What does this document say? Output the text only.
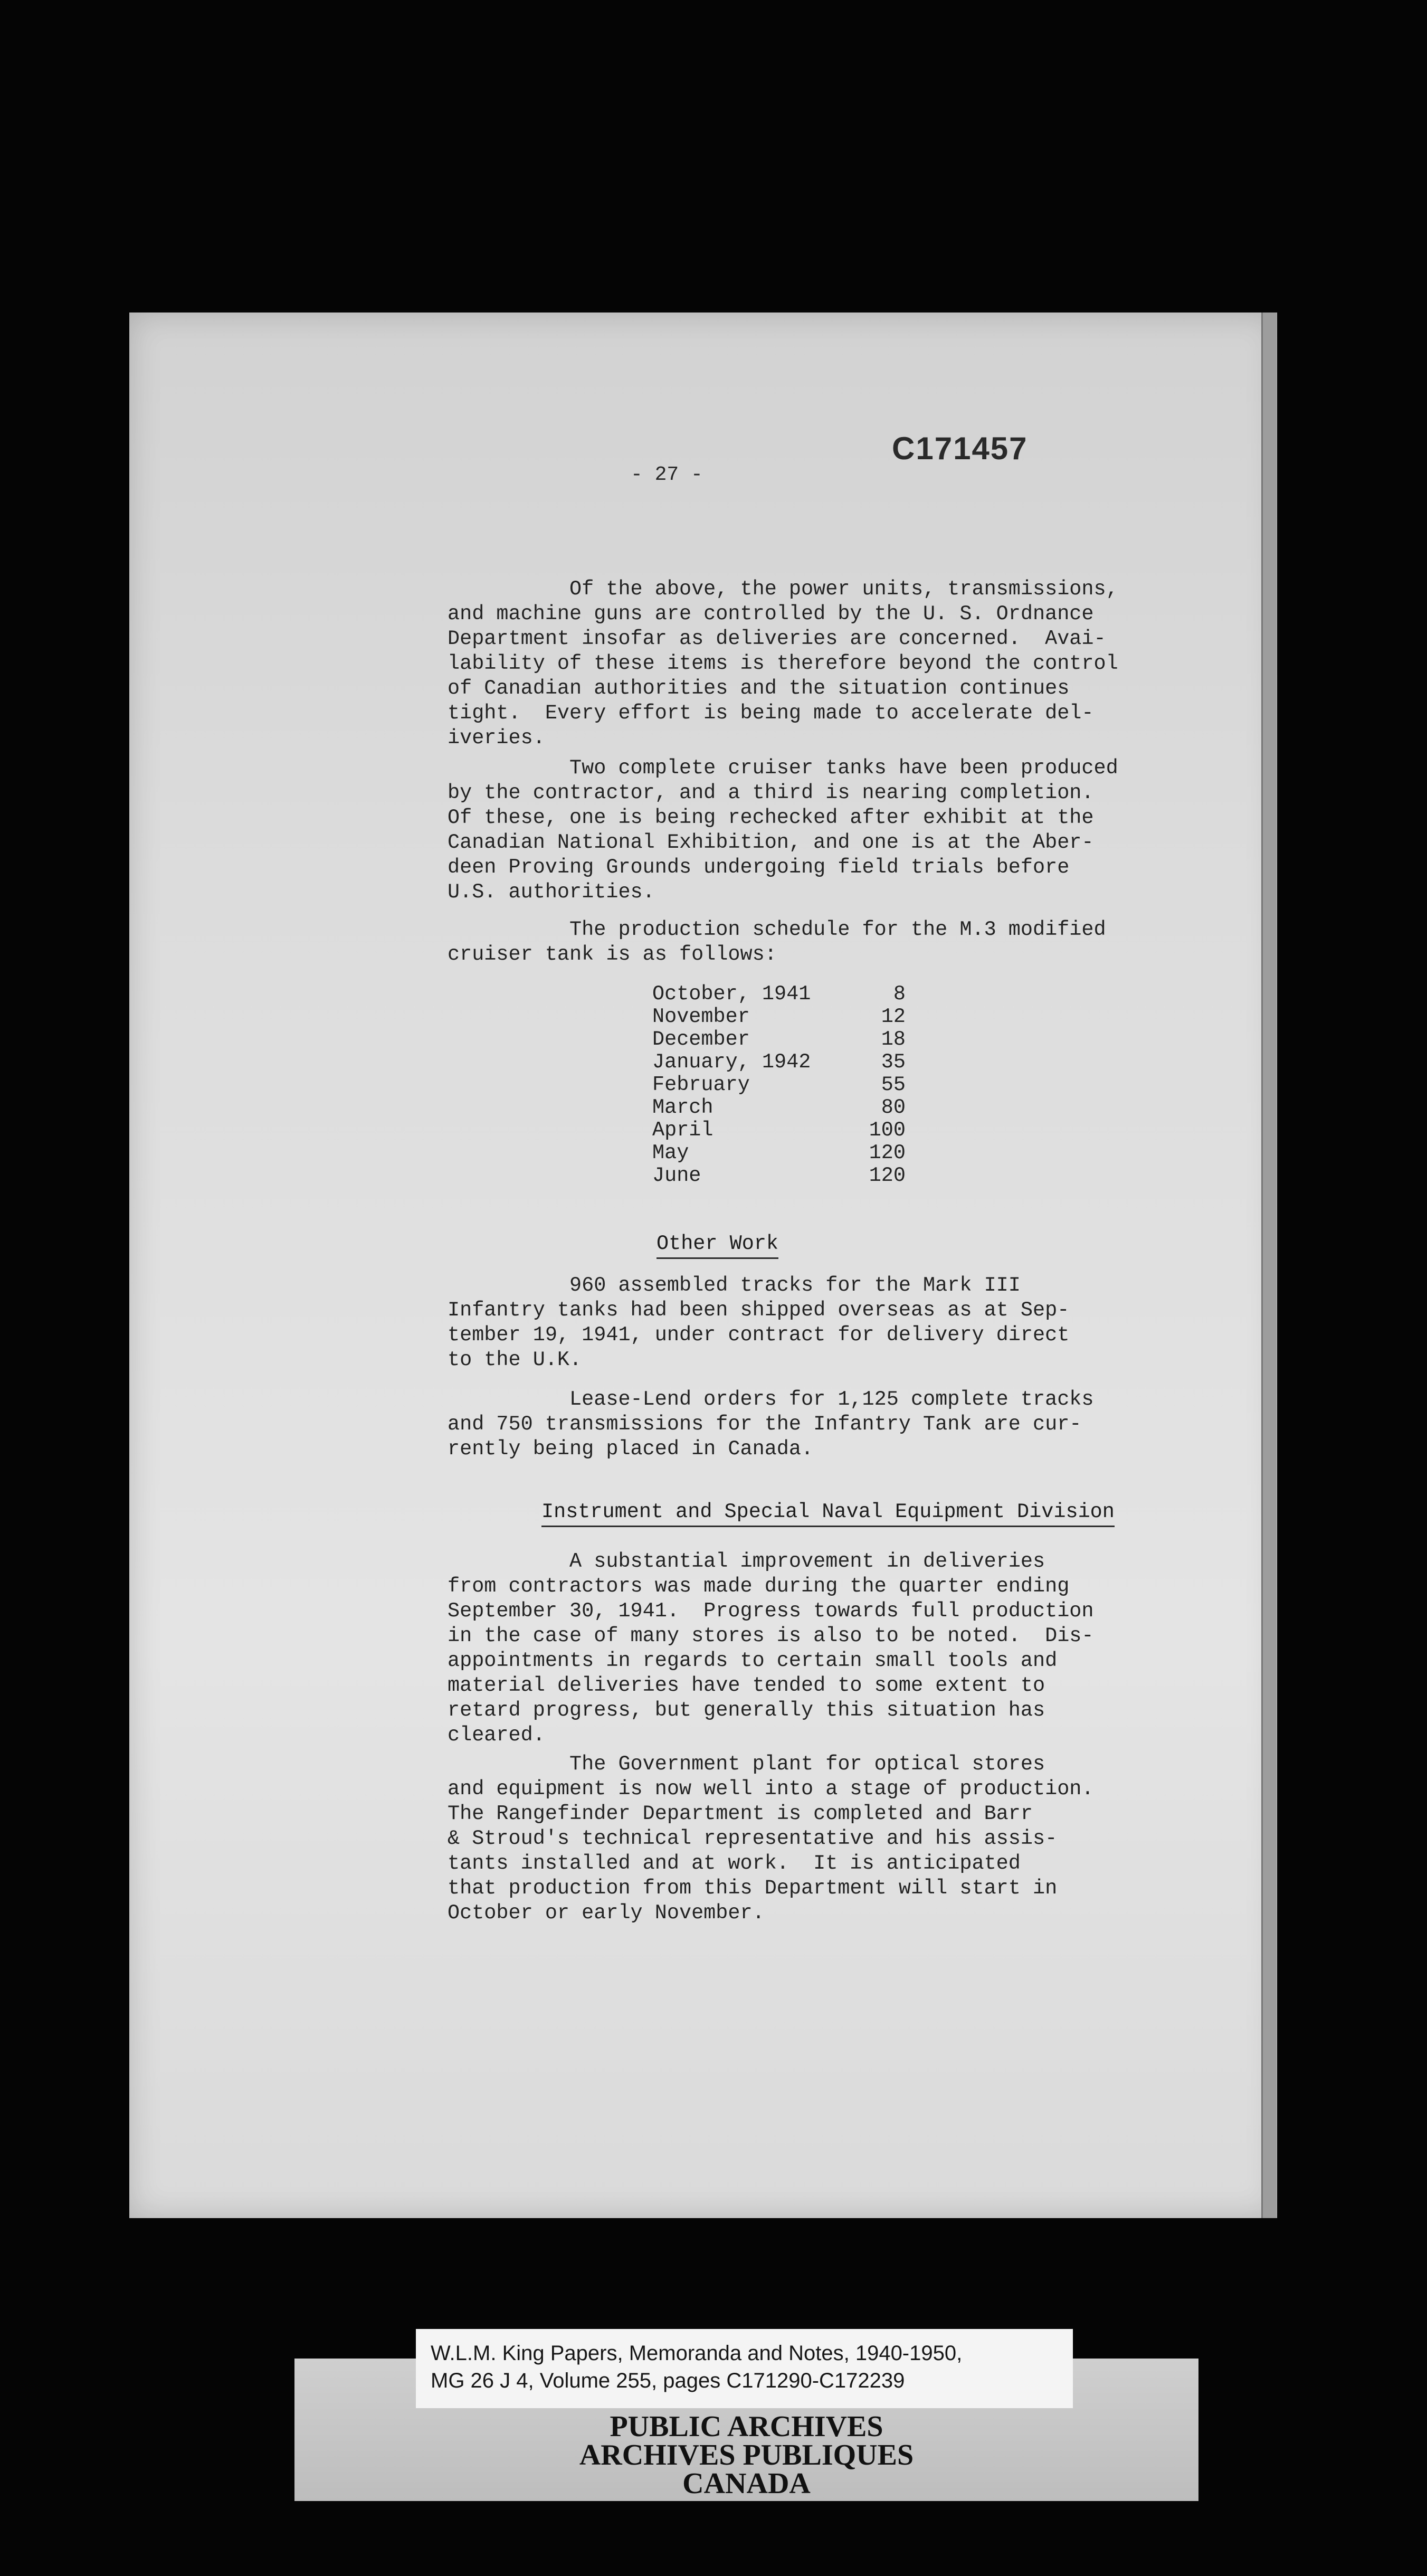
C171457
- 27 -
Of the above, the power units, transmissions,
and machine guns are controlled by the U. S. Ordnance
Department insofar as deliveries are concerned.  Avai-
lability of these items is therefore beyond the control
of Canadian authorities and the situation continues
tight.  Every effort is being made to accelerate del-
iveries.
Two complete cruiser tanks have been produced
by the contractor, and a third is nearing completion.
Of these, one is being rechecked after exhibit at the
Canadian National Exhibition, and one is at the Aber-
deen Proving Grounds undergoing field trials before
U.S. authorities.
The production schedule for the M.3 modified
cruiser tank is as follows:
October, 1941	8
November	12
December	18
January, 1942	35
February	55
March	80
April	100
May	120
June	120
Other Work
960 assembled tracks for the Mark III
Infantry tanks had been shipped overseas as at Sep-
tember 19, 1941, under contract for delivery direct
to the U.K.
Lease-Lend orders for 1,125 complete tracks
and 750 transmissions for the Infantry Tank are cur-
rently being placed in Canada.
Instrument and Special Naval Equipment Division
A substantial improvement in deliveries
from contractors was made during the quarter ending
September 30, 1941.  Progress towards full production
in the case of many stores is also to be noted.  Dis-
appointments in regards to certain small tools and
material deliveries have tended to some extent to
retard progress, but generally this situation has
cleared.
The Government plant for optical stores
and equipment is now well into a stage of production.
The Rangefinder Department is completed and Barr
& Stroud's technical representative and his assis-
tants installed and at work.  It is anticipated
that production from this Department will start in
October or early November.
W.L.M. King Papers, Memoranda and Notes, 1940-1950,
MG 26 J 4, Volume 255, pages C171290-C172239
PUBLIC ARCHIVES
ARCHIVES PUBLIQUES
CANADA
